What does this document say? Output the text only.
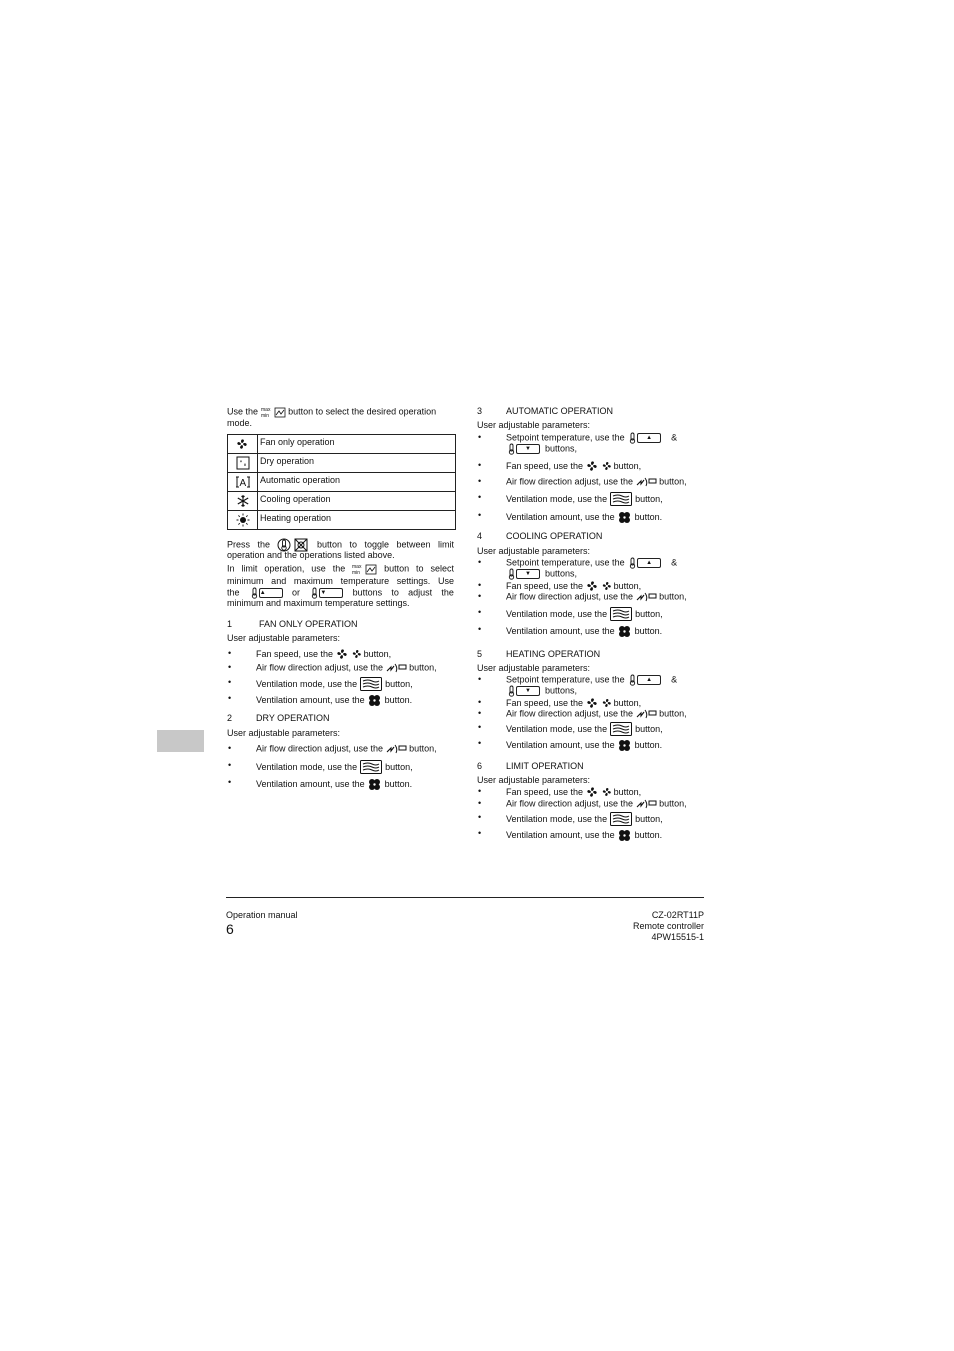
Use the	button to select the desired operation
mode.
Fan only operation
Dry operation
A Automatic operation
Cooling operation
Heating operation
Press the	button to toggle between limit
operation and the operations listed above.
In limit operation, use the	button to select
minimum and maximum temperature settings. Use
the	▲	or	▼	buttons to adjust the
minimum and maximum temperature settings.
1	FAN ONLY OPERATION
User adjustable parameters:
•	Fan speed, use the	button,
•	Air flow direction adjust, use the	button,
•	Ventilation mode, use the	button,
•	Ventilation amount, use the button.
2	DRY OPERATION
User adjustable parameters:
•	Air flow direction adjust, use the	button,
•	Ventilation mode, use the	button,
•	Ventilation amount, use the button.
3	AUTOMATIC OPERATION
User adjustable parameters:
•	Setpoint temperature, use the	▲ &
▼ buttons,
•	Fan speed, use the	button,
•	Air flow direction adjust, use the	button,
•	Ventilation mode, use the	button,
•	Ventilation amount, use the button.
4	COOLING OPERATION
User adjustable parameters:
•	Setpoint temperature, use the	▲ &
▼ buttons,
•	Fan speed, use the	button,
•	Air flow direction adjust, use the	button,
•	Ventilation mode, use the	button,
•	Ventilation amount, use the button.
5	HEATING OPERATION
User adjustable parameters:
•	Setpoint temperature, use the	▲ &
▼ buttons,
•	Fan speed, use the	button,
•	Air flow direction adjust, use the	button,
•	Ventilation mode, use the	button,
•	Ventilation amount, use the button.
6	LIMIT OPERATION
User adjustable parameters:
•	Fan speed, use the	button,
•	Air flow direction adjust, use the	button,
•	Ventilation mode, use the	button,
•	Ventilation amount, use the button.
Operation manual
6
CZ-02RT11P
Remote controller
4PW15515-1
